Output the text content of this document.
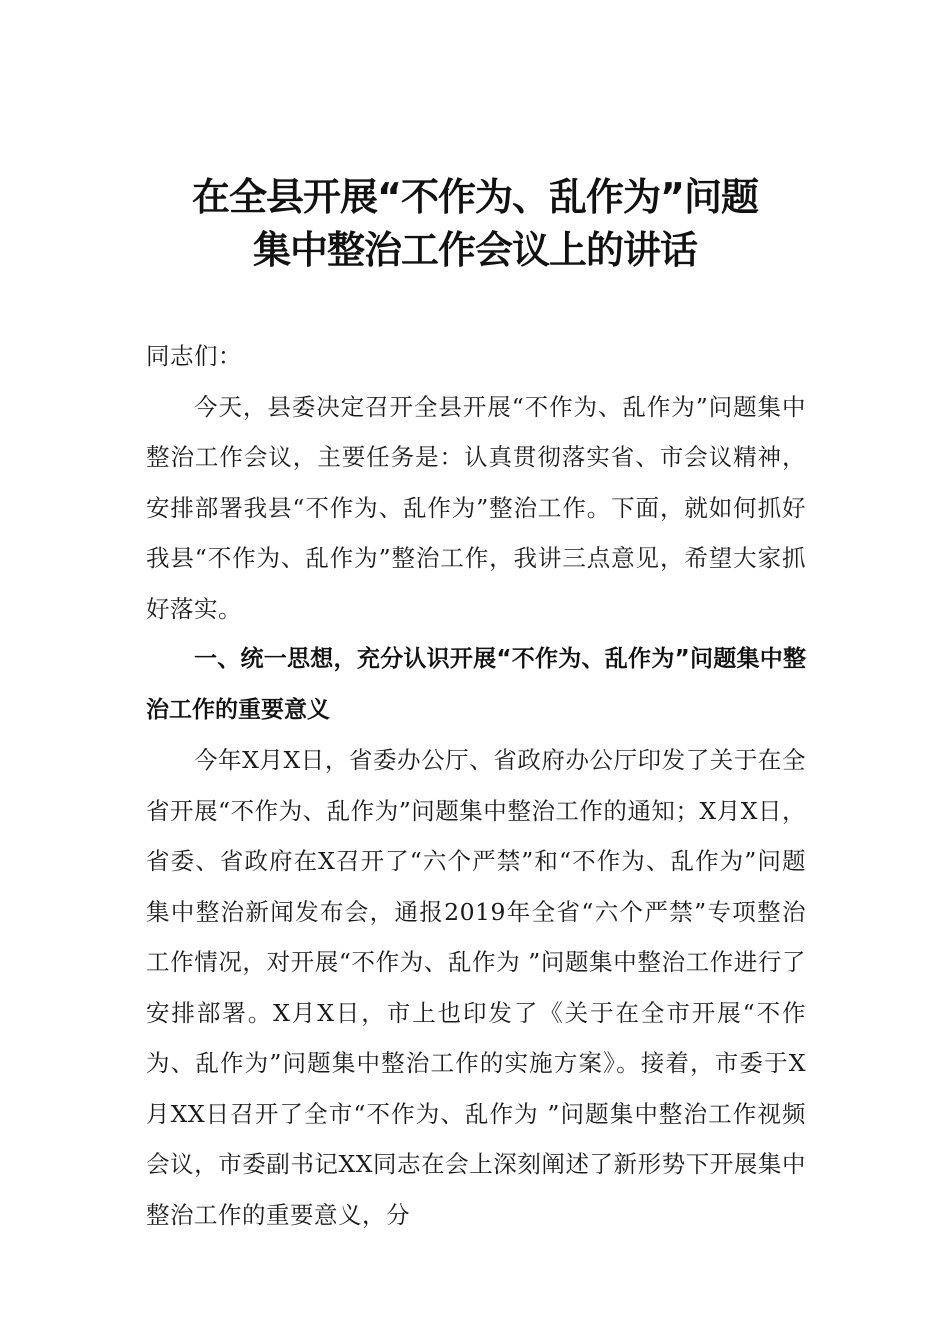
在全县开展“不作为、乱作为”问题
集中整治工作会议上的讲话

同志们：

今天，县委决定召开全县开展“不作为、乱作为”问题集中整治工作会议，主要任务是：认真贯彻落实省、市会议精神，安排部署我县“不作为、乱作为”整治工作。下面，就如何抓好我县“不作为、乱作为”整治工作，我讲三点意见，希望大家抓好落实。

一、统一思想，充分认识开展“不作为、乱作为”问题集中整治工作的重要意义

今年X月X日，省委办公厅、省政府办公厅印发了关于在全省开展“不作为、乱作为”问题集中整治工作的通知；X月X日，省委、省政府在X召开了“六个严禁”和“不作为、乱作为”问题集中整治新闻发布会，通报2019年全省“六个严禁”专项整治工作情况，对开展“不作为、乱作为 ”问题集中整治工作进行了安排部署。X月X日，市上也印发了《关于在全市开展“不作为、乱作为”问题集中整治工作的实施方案》。接着，市委于X月XX日召开了全市“不作为、乱作为 ”问题集中整治工作视频会议，市委副书记XX同志在会上深刻阐述了新形势下开展集中整治工作的重要意义，分
